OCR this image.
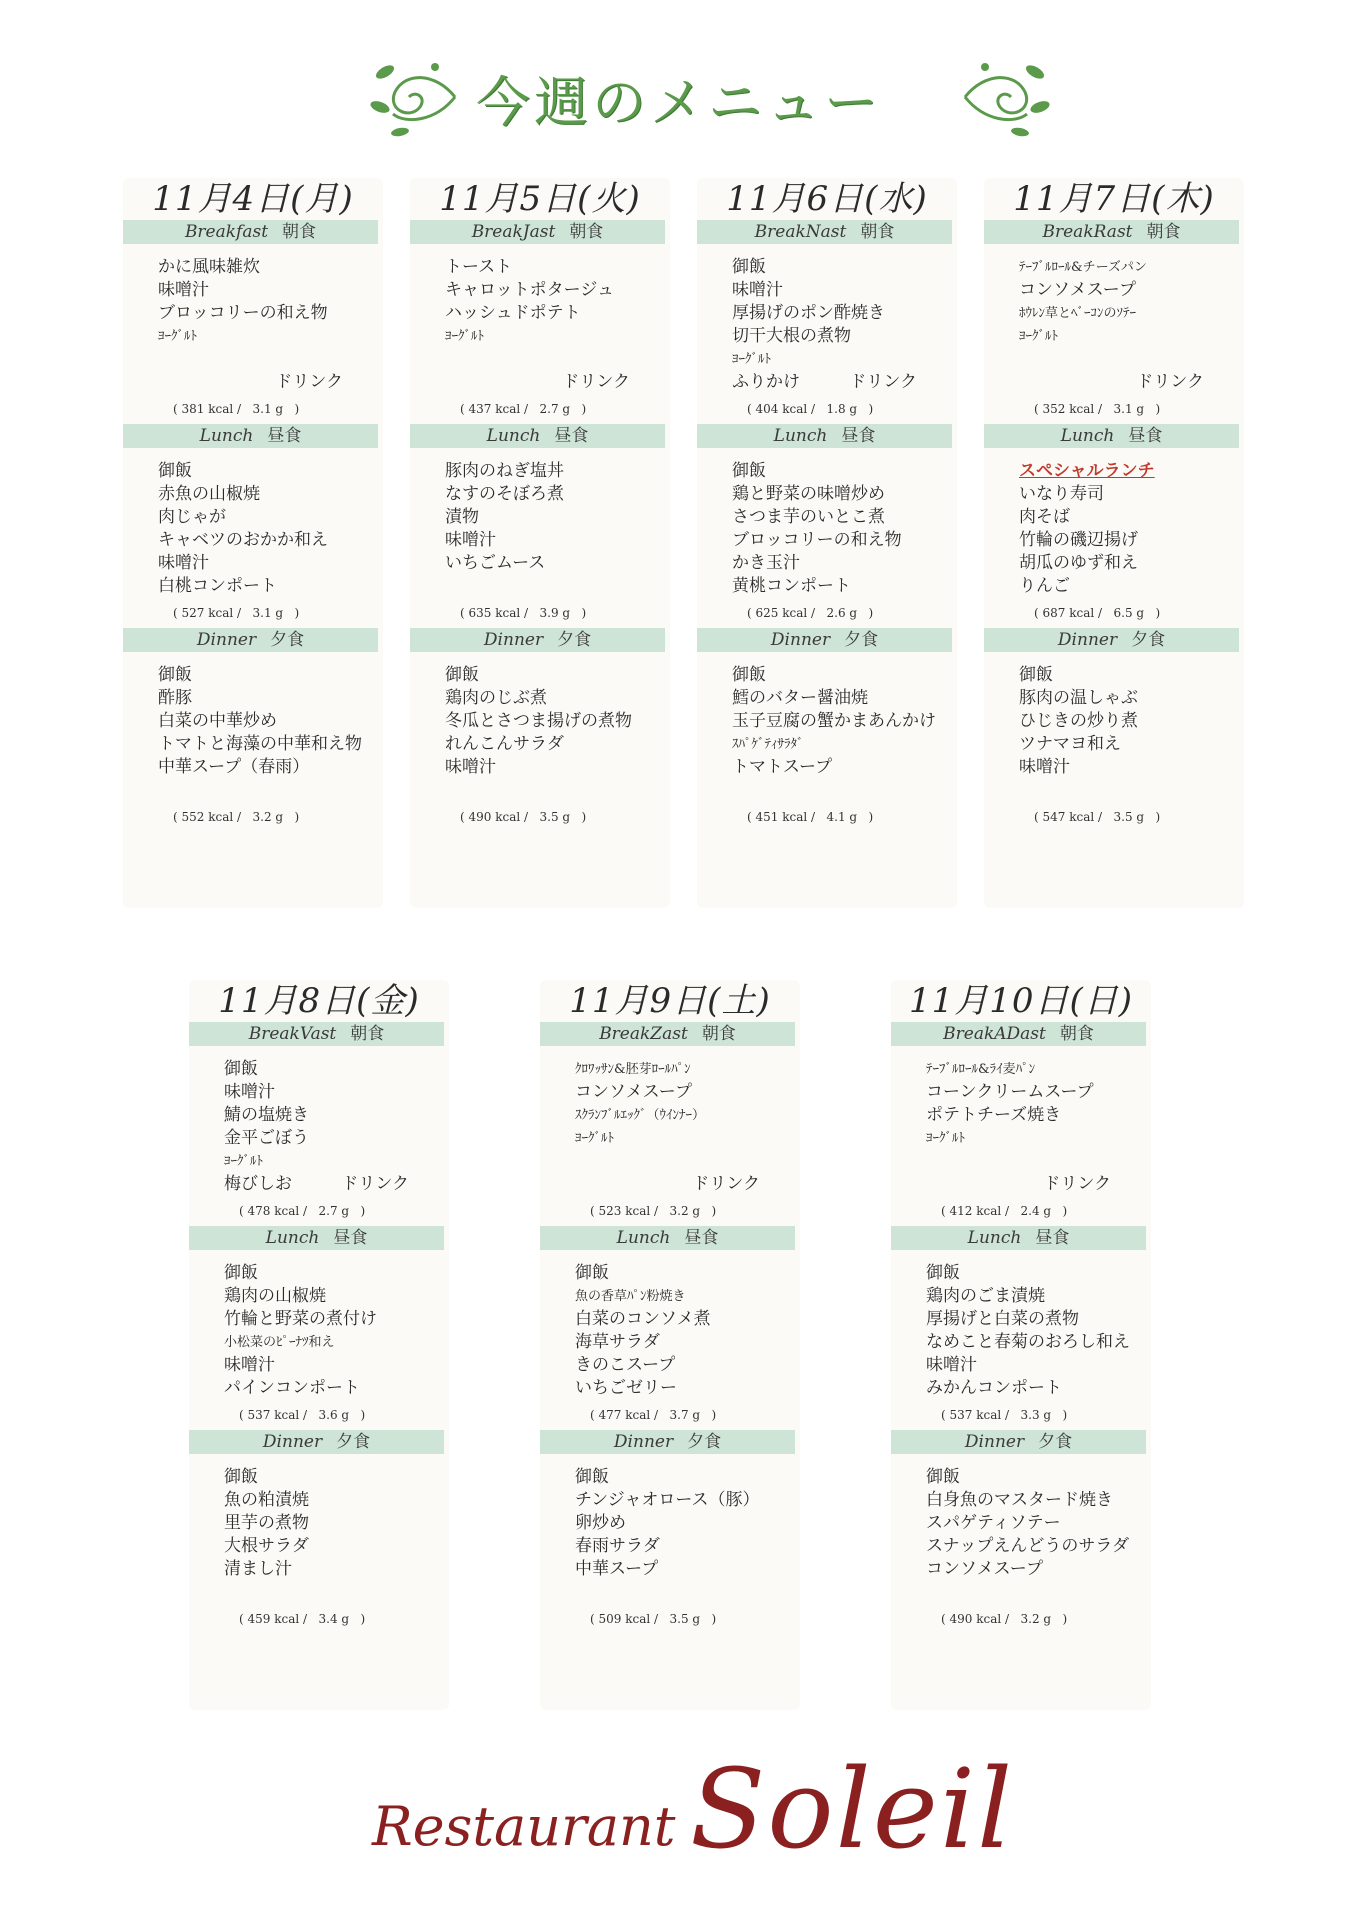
今週のメニュー
11月4日(月)
Breakfast 朝食
かに風味雑炊
味噌汁
ブロッコリーの和え物
ﾖｰｸﾞﾙﾄ
ドリンク
( 381 kcal /   3.1 g   )
Lunch 昼食
御飯
赤魚の山椒焼
肉じゃが
キャベツのおかか和え
味噌汁
白桃コンポート
( 527 kcal /   3.1 g   )
Dinner 夕食
御飯
酢豚
白菜の中華炒め
トマトと海藻の中華和え物
中華スープ（春雨）
( 552 kcal /   3.2 g   )
11月5日(火)
BreakJast 朝食
トースト
キャロットポタージュ
ハッシュドポテト
ﾖｰｸﾞﾙﾄ
ドリンク
( 437 kcal /   2.7 g   )
Lunch 昼食
豚肉のねぎ塩丼
なすのそぼろ煮
漬物
味噌汁
いちごムース
( 635 kcal /   3.9 g   )
Dinner 夕食
御飯
鶏肉のじぶ煮
冬瓜とさつま揚げの煮物
れんこんサラダ
味噌汁
( 490 kcal /   3.5 g   )
11月6日(水)
BreakNast 朝食
御飯
味噌汁
厚揚げのポン酢焼き
切干大根の煮物
ﾖｰｸﾞﾙﾄ
ふりかけ	ドリンク
( 404 kcal /   1.8 g   )
Lunch 昼食
御飯
鶏と野菜の味噌炒め
さつま芋のいとこ煮
ブロッコリーの和え物
かき玉汁
黄桃コンポート
( 625 kcal /   2.6 g   )
Dinner 夕食
御飯
鱈のバター醤油焼
玉子豆腐の蟹かまあんかけ
ｽﾊﾟｹﾞﾃｨｻﾗﾀﾞ
トマトスープ
( 451 kcal /   4.1 g   )
11月7日(木)
BreakRast 朝食
ﾃｰﾌﾞﾙﾛｰﾙ&チーズパン
コンソメスープ
ﾎｳﾚﾝ草とﾍﾞｰｺﾝのｿﾃｰ
ﾖｰｸﾞﾙﾄ
ドリンク
( 352 kcal /   3.1 g   )
Lunch 昼食
スペシャルランチ
いなり寿司
肉そば
竹輪の磯辺揚げ
胡瓜のゆず和え
りんご
( 687 kcal /   6.5 g   )
Dinner 夕食
御飯
豚肉の温しゃぶ
ひじきの炒り煮
ツナマヨ和え
味噌汁
( 547 kcal /   3.5 g   )
11月8日(金)
BreakVast 朝食
御飯
味噌汁
鯖の塩焼き
金平ごぼう
ﾖｰｸﾞﾙﾄ
梅びしお	ドリンク
( 478 kcal /   2.7 g   )
Lunch 昼食
御飯
鶏肉の山椒焼
竹輪と野菜の煮付け
小松菜のﾋﾟｰﾅﾂ和え
味噌汁
パインコンポート
( 537 kcal /   3.6 g   )
Dinner 夕食
御飯
魚の粕漬焼
里芋の煮物
大根サラダ
清まし汁
( 459 kcal /   3.4 g   )
11月9日(土)
BreakZast 朝食
ｸﾛﾜｯｻﾝ&胚芽ﾛｰﾙﾊﾟﾝ
コンソメスープ
ｽｸﾗﾝﾌﾞﾙｴｯｸﾞ（ｳｲﾝﾅｰ）
ﾖｰｸﾞﾙﾄ
ドリンク
( 523 kcal /   3.2 g   )
Lunch 昼食
御飯
魚の香草ﾊﾟﾝ粉焼き
白菜のコンソメ煮
海草サラダ
きのこスープ
いちごゼリー
( 477 kcal /   3.7 g   )
Dinner 夕食
御飯
チンジャオロース（豚）
卵炒め
春雨サラダ
中華スープ
( 509 kcal /   3.5 g   )
11月10日(日)
BreakADast 朝食
ﾃｰﾌﾞﾙﾛｰﾙ&ﾗｲ麦ﾊﾟﾝ
コーンクリームスープ
ポテトチーズ焼き
ﾖｰｸﾞﾙﾄ
ドリンク
( 412 kcal /   2.4 g   )
Lunch 昼食
御飯
鶏肉のごま漬焼
厚揚げと白菜の煮物
なめこと春菊のおろし和え
味噌汁
みかんコンポート
( 537 kcal /   3.3 g   )
Dinner 夕食
御飯
白身魚のマスタード焼き
スパゲティソテー
スナップえんどうのサラダ
コンソメスープ
( 490 kcal /   3.2 g   )
Restaurant Soleil
